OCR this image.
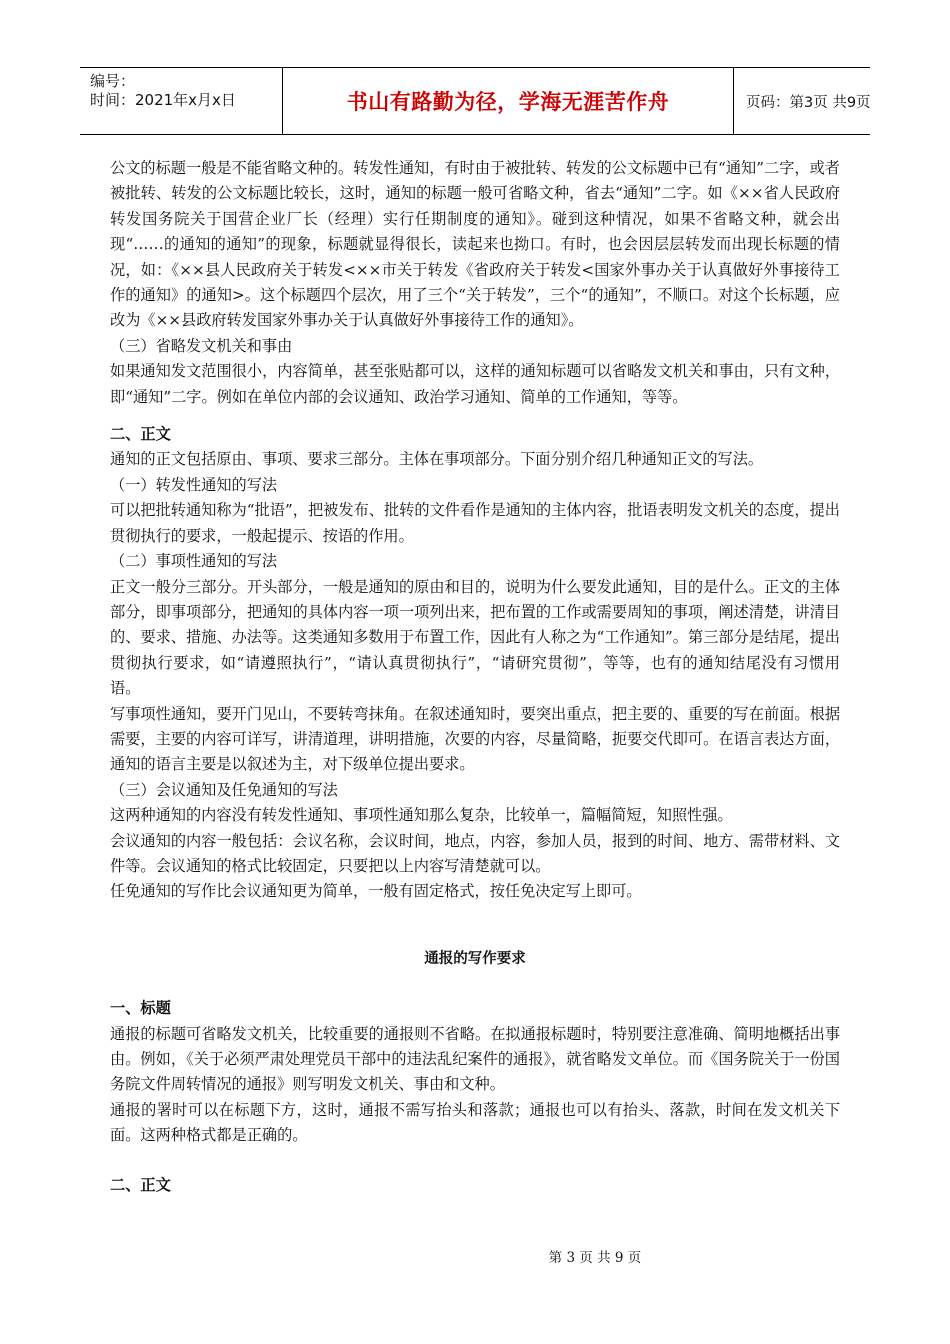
编号：
时间：2021年x月x日	书山有路勤为径，学海无涯苦作舟	页码：第3页 共9页

公文的标题一般是不能省略文种的。转发性通知，有时由于被批转、转发的公文标题中已有“通知”二字，或者被批转、转发的公文标题比较长，这时，通知的标题一般可省略文种，省去“通知”二字。如《××省人民政府转发国务院关于国营企业厂长（经理）实行任期制度的通知》。碰到这种情况，如果不省略文种，就会出现“……的通知的通知”的现象，标题就显得很长，读起来也拗口。有时，也会因层层转发而出现长标题的情况，如：《××县人民政府关于转发<××市关于转发《省政府关于转发<国家外事办关于认真做好外事接待工作的通知》的通知>。这个标题四个层次，用了三个“关于转发”，三个“的通知”，不顺口。对这个长标题，应改为《××县政府转发国家外事办关于认真做好外事接待工作的通知》。

（三）省略发文机关和事由

如果通知发文范围很小，内容简单，甚至张贴都可以，这样的通知标题可以省略发文机关和事由，只有文种，即“通知”二字。例如在单位内部的会议通知、政治学习通知、简单的工作通知，等等。

二、正文

通知的正文包括原由、事项、要求三部分。主体在事项部分。下面分别介绍几种通知正文的写法。

（一）转发性通知的写法

可以把批转通知称为“批语”，把被发布、批转的文件看作是通知的主体内容，批语表明发文机关的态度，提出贯彻执行的要求，一般起提示、按语的作用。

（二）事项性通知的写法

正文一般分三部分。开头部分，一般是通知的原由和目的，说明为什么要发此通知，目的是什么。正文的主体部分，即事项部分，把通知的具体内容一项一项列出来，把布置的工作或需要周知的事项，阐述清楚，讲清目的、要求、措施、办法等。这类通知多数用于布置工作，因此有人称之为“工作通知”。第三部分是结尾，提出贯彻执行要求，如“请遵照执行”，“请认真贯彻执行”，“请研究贯彻”，等等，也有的通知结尾没有习惯用语。

写事项性通知，要开门见山，不要转弯抹角。在叙述通知时，要突出重点，把主要的、重要的写在前面。根据需要，主要的内容可详写，讲清道理，讲明措施，次要的内容，尽量简略，扼要交代即可。在语言表达方面，通知的语言主要是以叙述为主，对下级单位提出要求。

（三）会议通知及任免通知的写法

这两种通知的内容没有转发性通知、事项性通知那么复杂，比较单一，篇幅简短，知照性强。

会议通知的内容一般包括：会议名称，会议时间，地点，内容，参加人员，报到的时间、地方、需带材料、文件等。会议通知的格式比较固定，只要把以上内容写清楚就可以。

任免通知的写作比会议通知更为简单，一般有固定格式，按任免决定写上即可。

通报的写作要求

一、标题

通报的标题可省略发文机关，比较重要的通报则不省略。在拟通报标题时，特别要注意准确、简明地概括出事由。例如，《关于必须严肃处理党员干部中的违法乱纪案件的通报》，就省略发文单位。而《国务院关于一份国务院文件周转情况的通报》则写明发文机关、事由和文种。

通报的署时可以在标题下方，这时，通报不需写抬头和落款；通报也可以有抬头、落款，时间在发文机关下面。这两种格式都是正确的。

二、正文

第 3 页 共 9 页
